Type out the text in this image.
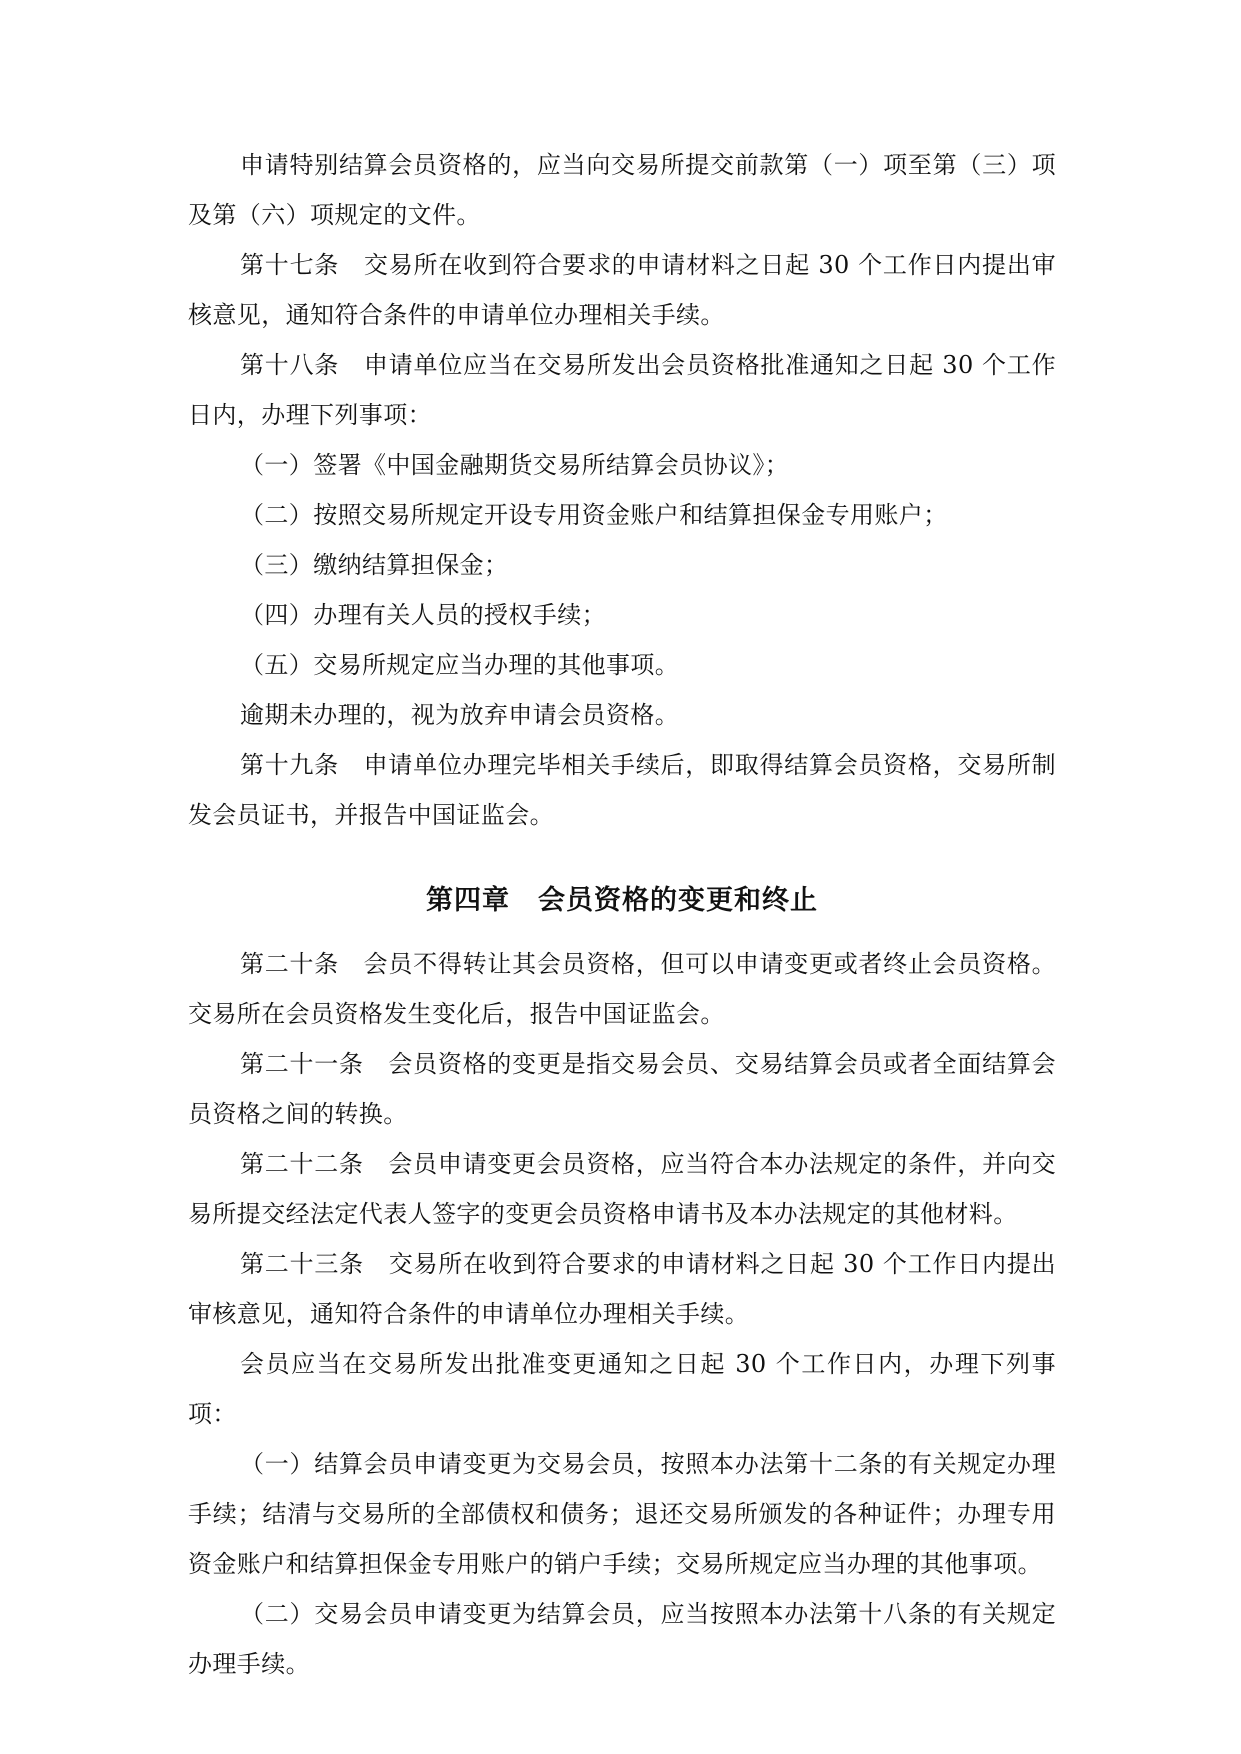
申请特别结算会员资格的，应当向交易所提交前款第（一）项至第（三）项及第（六）项规定的文件。

第十七条　交易所在收到符合要求的申请材料之日起 30 个工作日内提出审核意见，通知符合条件的申请单位办理相关手续。

第十八条　申请单位应当在交易所发出会员资格批准通知之日起 30 个工作日内，办理下列事项：

（一）签署《中国金融期货交易所结算会员协议》；

（二）按照交易所规定开设专用资金账户和结算担保金专用账户；

（三）缴纳结算担保金；

（四）办理有关人员的授权手续；

（五）交易所规定应当办理的其他事项。

逾期未办理的，视为放弃申请会员资格。

第十九条　申请单位办理完毕相关手续后，即取得结算会员资格，交易所制发会员证书，并报告中国证监会。

第四章　会员资格的变更和终止

第二十条　会员不得转让其会员资格，但可以申请变更或者终止会员资格。交易所在会员资格发生变化后，报告中国证监会。

第二十一条　会员资格的变更是指交易会员、交易结算会员或者全面结算会员资格之间的转换。

第二十二条　会员申请变更会员资格，应当符合本办法规定的条件，并向交易所提交经法定代表人签字的变更会员资格申请书及本办法规定的其他材料。

第二十三条　交易所在收到符合要求的申请材料之日起 30 个工作日内提出审核意见，通知符合条件的申请单位办理相关手续。

会员应当在交易所发出批准变更通知之日起 30 个工作日内，办理下列事项：

（一）结算会员申请变更为交易会员，按照本办法第十二条的有关规定办理手续；结清与交易所的全部债权和债务；退还交易所颁发的各种证件；办理专用资金账户和结算担保金专用账户的销户手续；交易所规定应当办理的其他事项。

（二）交易会员申请变更为结算会员，应当按照本办法第十八条的有关规定办理手续。
